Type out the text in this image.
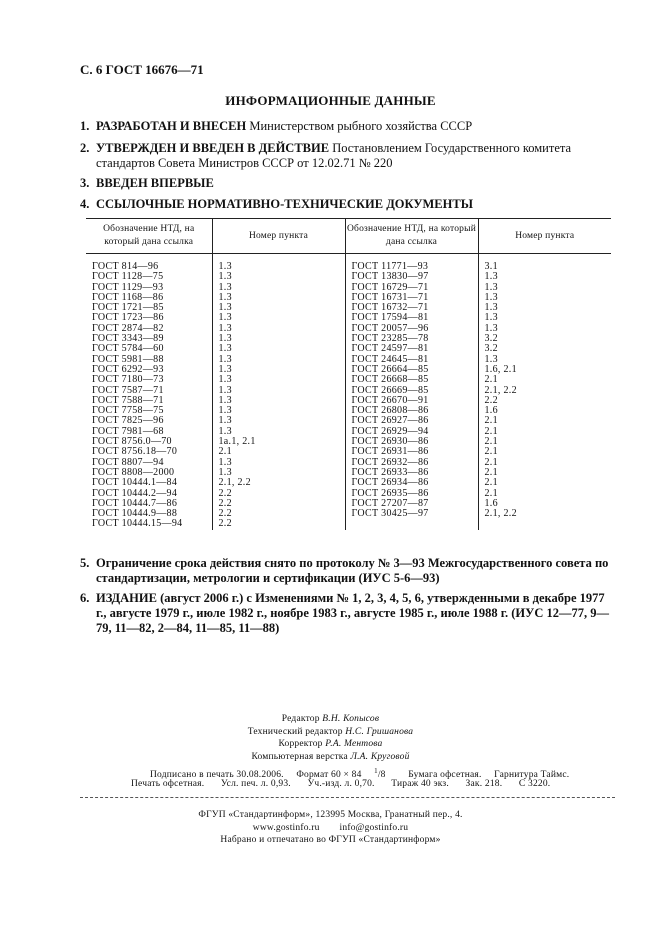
С. 6 ГОСТ 16676—71
ИНФОРМАЦИОННЫЕ ДАННЫЕ
1. РАЗРАБОТАН И ВНЕСЕН Министерством рыбного хозяйства СССР
2. УТВЕРЖДЕН И ВВЕДЕН В ДЕЙСТВИЕ Постановлением Государственного комитета стандартов Совета Министров СССР от 12.02.71 № 220
3. ВВЕДЕН ВПЕРВЫЕ
4. ССЫЛОЧНЫЕ НОРМАТИВНО-ТЕХНИЧЕСКИЕ ДОКУМЕНТЫ
Обозначение НТД, на который дана ссылка	Номер пункта	Обозначение НТД, на который дана ссылка	Номер пункта
ГОСТ 814—96	1.3	ГОСТ 11771—93	3.1
ГОСТ 1128—75	1.3	ГОСТ 13830—97	1.3
ГОСТ 1129—93	1.3	ГОСТ 16729—71	1.3
ГОСТ 1168—86	1.3	ГОСТ 16731—71	1.3
ГОСТ 1721—85	1.3	ГОСТ 16732—71	1.3
ГОСТ 1723—86	1.3	ГОСТ 17594—81	1.3
ГОСТ 2874—82	1.3	ГОСТ 20057—96	1.3
ГОСТ 3343—89	1.3	ГОСТ 23285—78	3.2
ГОСТ 5784—60	1.3	ГОСТ 24597—81	3.2
ГОСТ 5981—88	1.3	ГОСТ 24645—81	1.3
ГОСТ 6292—93	1.3	ГОСТ 26664—85	1.6, 2.1
ГОСТ 7180—73	1.3	ГОСТ 26668—85	2.1
ГОСТ 7587—71	1.3	ГОСТ 26669—85	2.1, 2.2
ГОСТ 7588—71	1.3	ГОСТ 26670—91	2.2
ГОСТ 7758—75	1.3	ГОСТ 26808—86	1.6
ГОСТ 7825—96	1.3	ГОСТ 26927—86	2.1
ГОСТ 7981—68	1.3	ГОСТ 26929—94	2.1
ГОСТ 8756.0—70	1а.1, 2.1	ГОСТ 26930—86	2.1
ГОСТ 8756.18—70	2.1	ГОСТ 26931—86	2.1
ГОСТ 8807—94	1.3	ГОСТ 26932—86	2.1
ГОСТ 8808—2000	1.3	ГОСТ 26933—86	2.1
ГОСТ 10444.1—84	2.1, 2.2	ГОСТ 26934—86	2.1
ГОСТ 10444.2—94	2.2	ГОСТ 26935—86	2.1
ГОСТ 10444.7—86	2.2	ГОСТ 27207—87	1.6
ГОСТ 10444.9—88	2.2	ГОСТ 30425—97	2.1, 2.2
ГОСТ 10444.15—94	2.2		
5. Ограничение срока действия снято по протоколу № 3—93 Межгосударственного совета по стандартизации, метрологии и сертификации (ИУС 5-6—93)
6. ИЗДАНИЕ (август 2006 г.) с Изменениями № 1, 2, 3, 4, 5, 6, утвержденными в декабре 1977 г., августе 1979 г., июле 1982 г., ноябре 1983 г., августе 1985 г., июле 1988 г. (ИУС 12—77, 9—79, 11—82, 2—84, 11—85, 11—88)
Редактор В.Н. Копысов
Технический редактор Н.С. Гришанова
Корректор Р.А. Ментова
Компьютерная верстка Л.А. Круговой
Подписано в печать 30.08.2006. Формат 60 × 84 $^1$/8 Бумага офсетная. Гарнитура Таймс.
Печать офсетная. Усл. печ. л. 0,93. Уч.-изд. л. 0,70. Тираж 40 экз. Зак. 218. С 3220.
ФГУП «Стандартинформ», 123995 Москва, Гранатный пер., 4.
www.gostinfo.ru info@gostinfo.ru
Набрано и отпечатано во ФГУП «Стандартинформ»
